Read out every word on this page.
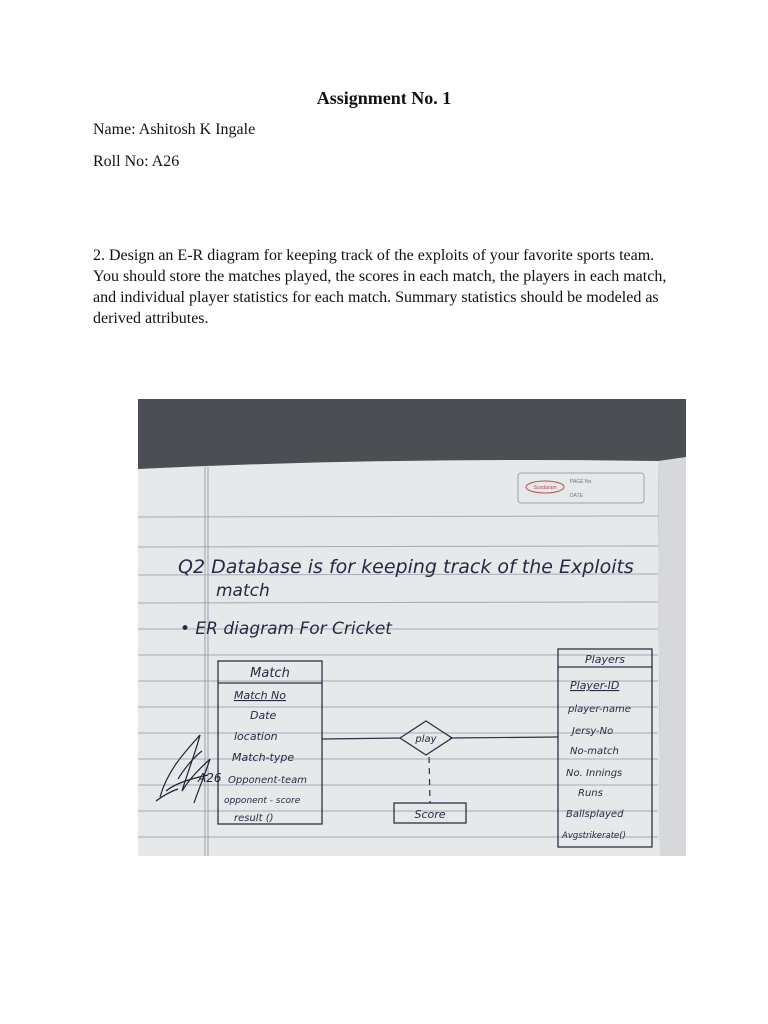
Assignment No. 1
Name: Ashitosh K Ingale
Roll No: A26
2. Design an E-R diagram for keeping track of the exploits of your favorite sports team. You should store the matches played, the scores in each match, the players in each match, and individual player statistics for each match. Summary statistics should be modeled as derived attributes.
Sundaram
PAGE No.
DATE
Q2 Database is for keeping track of the Exploits
match
• ER diagram For Cricket
Match
Match No
Date
location
Match-type
Opponent-team
opponent - score
result ()
play
Score
Players
Player-ID
player-name
Jersy-No
No-match
No. Innings
Runs
Ballsplayed
Avgstrikerate()
A26
